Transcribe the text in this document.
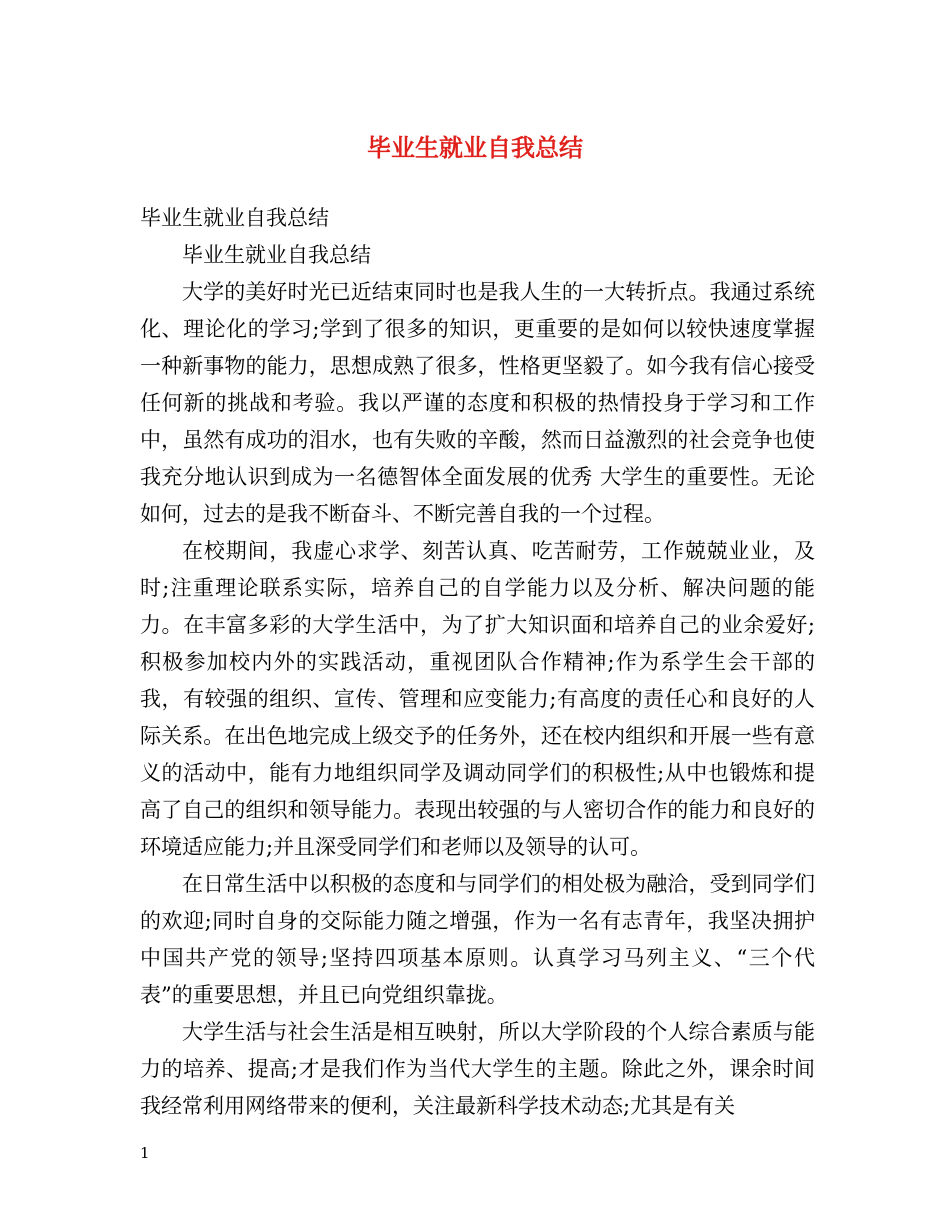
毕业生就业自我总结

毕业生就业自我总结

毕业生就业自我总结

大学的美好时光已近结束同时也是我人生的一大转折点。我通过系统化、理论化的学习;学到了很多的知识，更重要的是如何以较快速度掌握一种新事物的能力，思想成熟了很多，性格更坚毅了。如今我有信心接受任何新的挑战和考验。我以严谨的态度和积极的热情投身于学习和工作中，虽然有成功的泪水，也有失败的辛酸，然而日益激烈的社会竞争也使我充分地认识到成为一名德智体全面发展的优秀 大学生的重要性。无论如何，过去的是我不断奋斗、不断完善自我的一个过程。

在校期间，我虚心求学、刻苦认真、吃苦耐劳，工作兢兢业业，及时;注重理论联系实际，培养自己的自学能力以及分析、解决问题的能力。在丰富多彩的大学生活中，为了扩大知识面和培养自己的业余爱好;积极参加校内外的实践活动，重视团队合作精神;作为系学生会干部的我，有较强的组织、宣传、管理和应变能力;有高度的责任心和良好的人际关系。在出色地完成上级交予的任务外，还在校内组织和开展一些有意义的活动中，能有力地组织同学及调动同学们的积极性;从中也锻炼和提高了自己的组织和领导能力。表现出较强的与人密切合作的能力和良好的环境适应能力;并且深受同学们和老师以及领导的认可。

在日常生活中以积极的态度和与同学们的相处极为融洽，受到同学们的欢迎;同时自身的交际能力随之增强，作为一名有志青年，我坚决拥护中国共产党的领导;坚持四项基本原则。认真学习马列主义、“三个代表”的重要思想，并且已向党组织靠拢。

大学生活与社会生活是相互映射，所以大学阶段的个人综合素质与能力的培养、提高;才是我们作为当代大学生的主题。除此之外，课余时间我经常利用网络带来的便利，关注最新科学技术动态;尤其是有关

1
